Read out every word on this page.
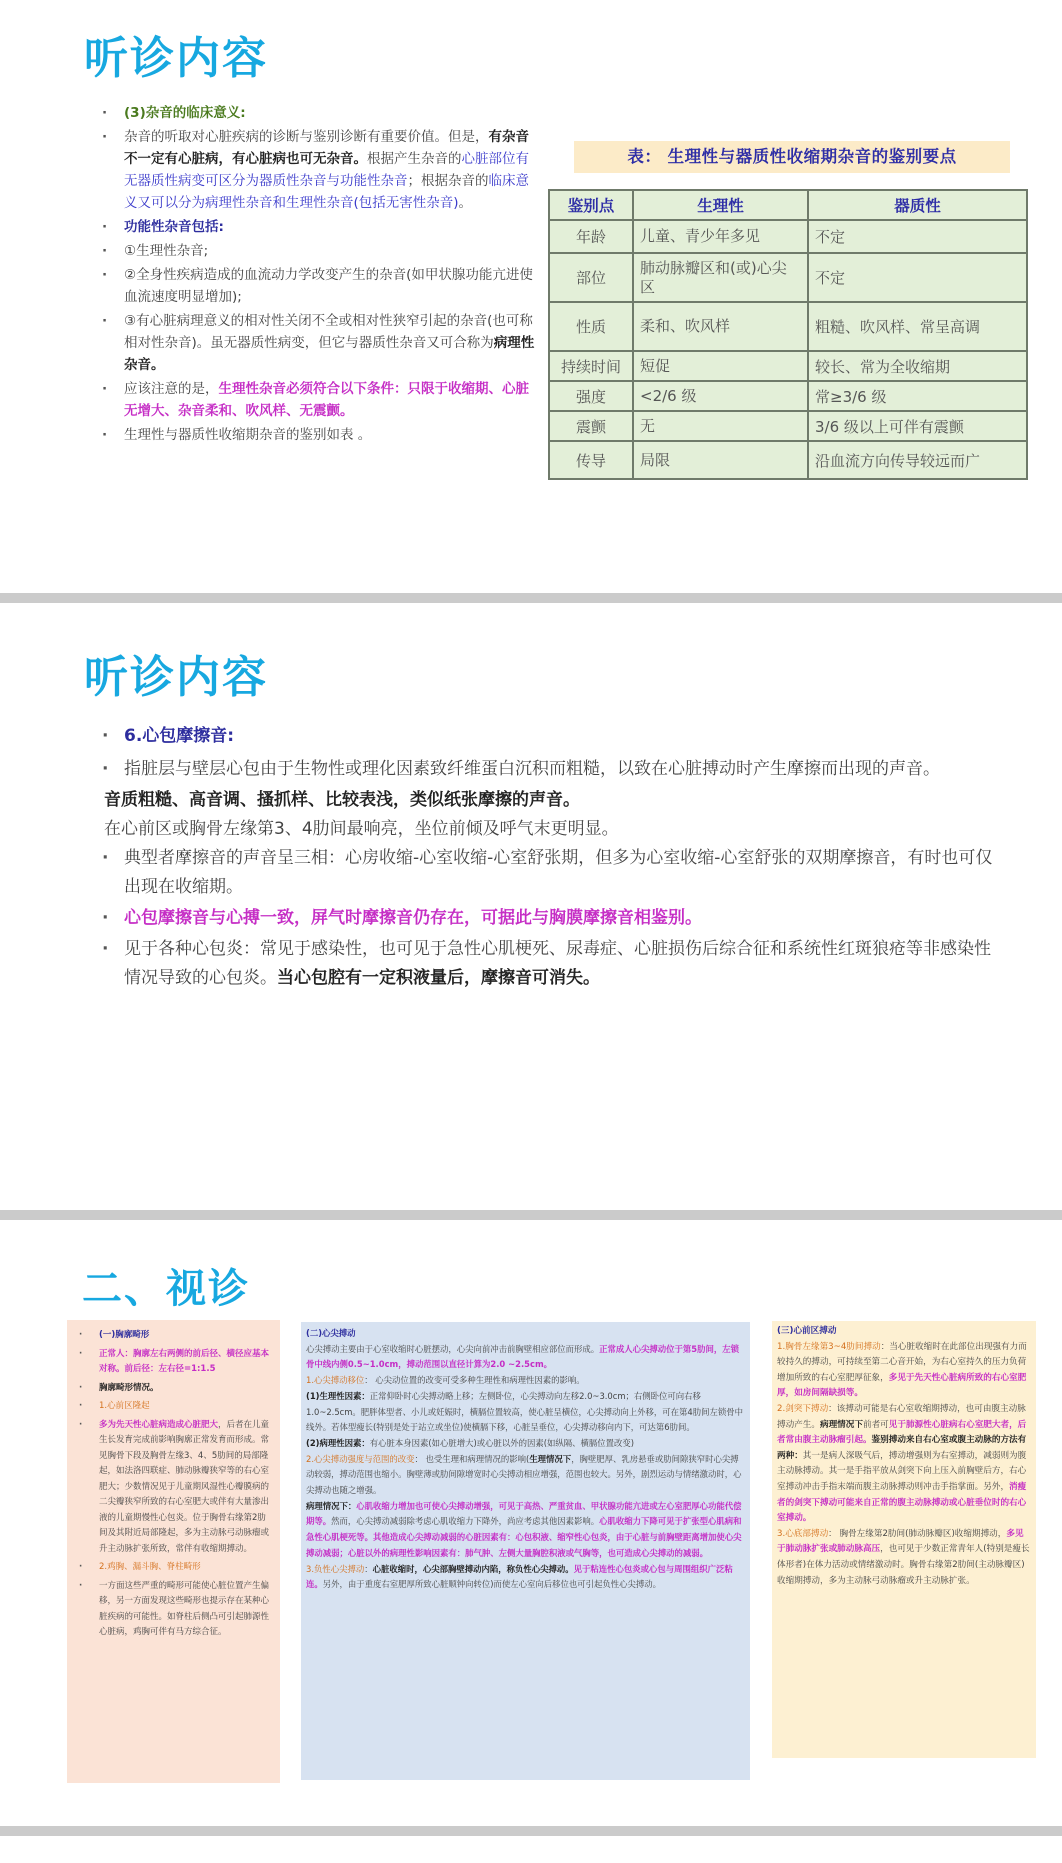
听诊内容
· (3)杂音的临床意义:
· 杂音的听取对心脏疾病的诊断与鉴别诊断有重要价值。但是，有杂音不一定有心脏病，有心脏病也可无杂音。根据产生杂音的心脏部位有无器质性病变可区分为器质性杂音与功能性杂音；根据杂音的临床意义又可以分为病理性杂音和生理性杂音(包括无害性杂音)。
· 功能性杂音包括:
· ①生理性杂音;
· ②全身性疾病造成的血流动力学改变产生的杂音(如甲状腺功能亢进使血流速度明显增加);
· ③有心脏病理意义的相对性关闭不全或相对性狭窄引起的杂音(也可称相对性杂音)。虽无器质性病变，但它与器质性杂音又可合称为病理性杂音。
· 应该注意的是，生理性杂音必须符合以下条件：只限于收缩期、心脏无增大、杂音柔和、吹风样、无震颤。
· 生理性与器质性收缩期杂音的鉴别如表 。
表： 生理性与器质性收缩期杂音的鉴别要点
鉴别点	生理性	器质性
年龄	儿童、青少年多见	不定
部位	肺动脉瓣区和(或)心尖区	不定
性质	柔和、吹风样	粗糙、吹风样、常呈高调
持续时间	短促	较长、常为全收缩期
强度	<2/6 级	常≥3/6 级
震颤	无	3/6 级以上可伴有震颤
传导	局限	沿血流方向传导较远而广
听诊内容
· 6.心包摩擦音:
· 指脏层与壁层心包由于生物性或理化因素致纤维蛋白沉积而粗糙，以致在心脏搏动时产生摩擦而出现的声音。
音质粗糙、高音调、搔抓样、比较表浅，类似纸张摩擦的声音。
在心前区或胸骨左缘第3、4肋间最响亮，坐位前倾及呼气末更明显。
· 典型者摩擦音的声音呈三相：心房收缩-心室收缩-心室舒张期，但多为心室收缩-心室舒张的双期摩擦音，有时也可仅出现在收缩期。
· 心包摩擦音与心搏一致，屏气时摩擦音仍存在，可据此与胸膜摩擦音相鉴别。
· 见于各种心包炎：常见于感染性，也可见于急性心肌梗死、尿毒症、心脏损伤后综合征和系统性红斑狼疮等非感染性情况导致的心包炎。当心包腔有一定积液量后，摩擦音可消失。
二、视诊
· (一)胸廓畸形
· 正常人：胸廓左右两侧的前后径、横径应基本对称。前后径：左右径=1:1.5
· 胸廓畸形情况。
· 1.心前区隆起
· 多为先天性心脏病造成心脏肥大，后者在儿童生长发育完成前影响胸廓正常发育而形成。常见胸骨下段及胸骨左缘3、4、5肋间的局部隆起，如法洛四联症、肺动脉瓣狭窄等的右心室肥大；少数情况见于儿童期风湿性心瓣膜病的二尖瓣狭窄所致的右心室肥大或伴有大量渗出液的儿童期慢性心包炎。位于胸骨右缘第2肋间及其附近局部隆起，多为主动脉弓动脉瘤或升主动脉扩张所致，常伴有收缩期搏动。
· 2.鸡胸、漏斗胸、脊柱畸形
· 一方面这些严重的畸形可能使心脏位置产生偏移，另一方面发现这些畸形也提示存在某种心脏疾病的可能性。如脊柱后侧凸可引起肺源性心脏病，鸡胸可伴有马方综合征。
(二)心尖搏动
心尖搏动主要由于心室收缩时心脏摆动，心尖向前冲击前胸壁相应部位而形成。正常成人心尖搏动位于第5肋间，左锁骨中线内侧0.5~1.0cm，搏动范围以直径计算为2.0 ~2.5cm。
1.心尖搏动移位： 心尖动位置的改变可受多种生理性和病理性因素的影响。
(1)生理性因素：正常仰卧时心尖搏动略上移；左侧卧位，心尖搏动向左移2.0~3.0cm；右侧卧位可向右移1.0~2.5cm。肥胖体型者、小儿或妊娠时，横膈位置较高，使心脏呈横位，心尖搏动向上外移，可在第4肋间左锁骨中线外。若体型瘦长(特别是处于站立或坐位)使横膈下移，心脏呈垂位，心尖搏动移向内下，可达第6肋间。
(2)病理性因素：有心脏本身因素(如心脏增大)或心脏以外的因素(如纵隔、横膈位置改变)
2.心尖搏动强度与范围的改变： 也受生理和病理情况的影响(生理情况下，胸壁肥厚、乳房悬垂或肋间隙狭窄时心尖搏动较弱，搏动范围也缩小。胸壁薄或肋间隙增宽时心尖搏动相应增强，范围也较大。另外，剧烈运动与情绪激动时，心尖搏动也随之增强。
病理情况下：心肌收缩力增加也可使心尖搏动增强，可见于高热、严重贫血、甲状腺功能亢进或左心室肥厚心功能代偿期等。然而，心尖搏动减弱除考虑心肌收缩力下降外，尚应考虑其他因素影响。心肌收缩力下降可见于扩张型心肌病和急性心肌梗死等。其他造成心尖搏动减弱的心脏因素有：心包积液、缩窄性心包炎，由于心脏与前胸壁距离增加使心尖搏动减弱；心脏以外的病理性影响因素有：肺气肿、左侧大量胸腔积液或气胸等，也可造成心尖搏动的减弱。
3.负性心尖搏动：心脏收缩时，心尖部胸壁搏动内陷，称负性心尖搏动。见于粘连性心包炎或心包与周围组织广泛粘连。另外，由于重度右室肥厚所致心脏顺钟向转位)而使左心室向后移位也可引起负性心尖搏动。
(三)心前区搏动
1.胸骨左缘第3~4肋间搏动：当心脏收缩时在此部位出现强有力而较持久的搏动，可持续至第二心音开始，为右心室持久的压力负荷增加所致的右心室肥厚征象，多见于先天性心脏病所致的右心室肥厚，如房间隔缺损等。
2.剑突下搏动：该搏动可能是右心室收缩期搏动，也可由腹主动脉搏动产生。病理情况下前者可见于肺源性心脏病右心室肥大者，后者常由腹主动脉瘤引起。鉴别搏动来自右心室或腹主动脉的方法有两种：其一是病人深吸气后，搏动增强则为右室搏动，减弱则为腹主动脉搏动。其一是手指平放从剑突下向上压入前胸壁后方，右心室搏动冲击手指末端而腹主动脉搏动则冲击手指掌面。另外，消瘦者的剑突下搏动可能来自正常的腹主动脉搏动或心脏垂位时的右心室搏动。
3.心底部搏动： 胸骨左缘第2肋间(肺动脉瓣区)收缩期搏动，多见于肺动脉扩张或肺动脉高压，也可见于少数正常青年人(特别是瘦长体形者)在体力活动或情绪激动时。胸骨右缘第2肋间(主动脉瓣区)收缩期搏动，多为主动脉弓动脉瘤或升主动脉扩张。
